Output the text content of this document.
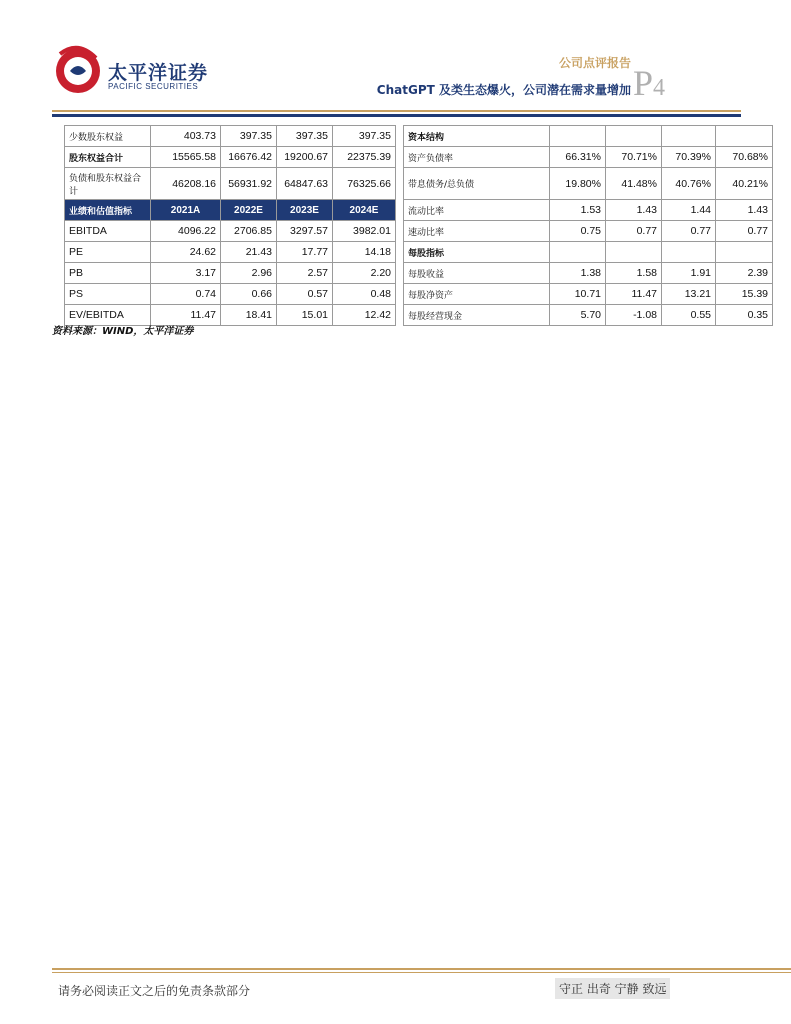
太平洋证券
PACIFIC SECURITIES
公司点评报告
ChatGPT 及类生态爆火，公司潜在需求量增加 P4
少数股东权益	403.73	397.35	397.35	397.35
股东权益合计	15565.58	16676.42	19200.67	22375.39
负债和股东权益合计	46208.16	56931.92	64847.63	76325.66
业绩和估值指标	2021A	2022E	2023E	2024E
EBITDA	4096.22	2706.85	3297.57	3982.01
PE	24.62	21.43	17.77	14.18
PB	3.17	2.96	2.57	2.20
PS	0.74	0.66	0.57	0.48
EV/EBITDA	11.47	18.41	15.01	12.42
资本结构				
资产负债率	66.31%	70.71%	70.39%	70.68%
带息债务/总负债	19.80%	41.48%	40.76%	40.21%
流动比率	1.53	1.43	1.44	1.43
速动比率	0.75	0.77	0.77	0.77
每股指标				
每股收益	1.38	1.58	1.91	2.39
每股净资产	10.71	11.47	13.21	15.39
每股经营现金	5.70	-1.08	0.55	0.35
资料来源：WIND，太平洋证券
请务必阅读正文之后的免责条款部分	守正 出奇 宁静 致远
